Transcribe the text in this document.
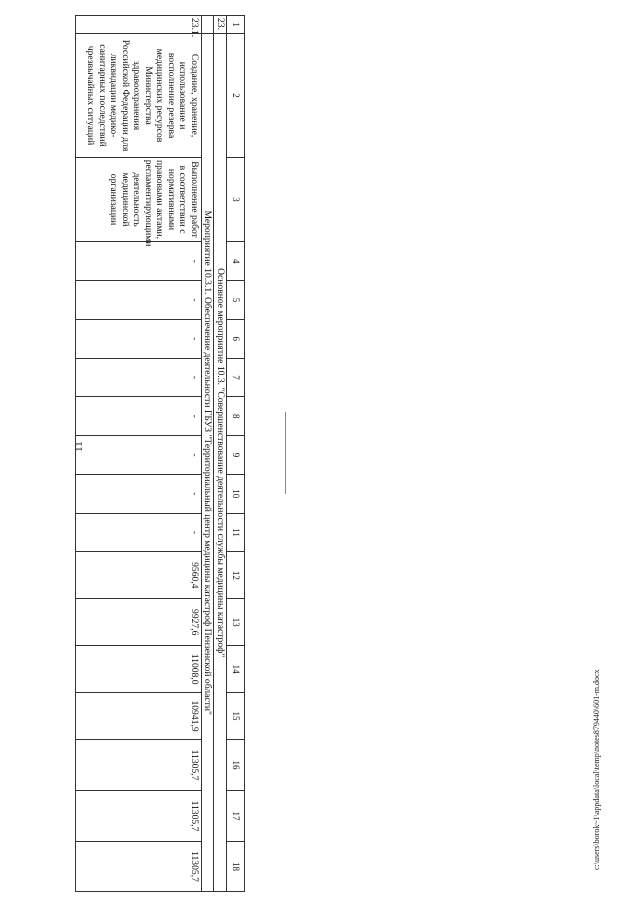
11
c:\users\borok~1\appdata\local\temp\notes879440\601-m.docx
1	2	3	4	5	6	7	8	9	10	11	12	13	14	15	16	17	18
23.	Основное мероприятие 10.3. "Совершенствование деятельности службы медицины катастроф"																
	Мероприятие 10.3.1. Обеспечение деятельности ГБУЗ "Территориальный центр медицины катастроф Пензенской области"																
23.1.	Создание, хранение, использование и восполнение резерва медицинских ресурсов Министерства здравоохранения Российской Федерации для ликвидации медико-санитарных последствий чрезвычайных ситуаций	Выполнение работ в соответствии с нормативными правовыми актами, регламентирующими деятельность медицинской организации	-	-	-	-	-	-	-	-	9560,4	9927,6	11008,0	10941,9	11305,7	11305,7	11305,7
